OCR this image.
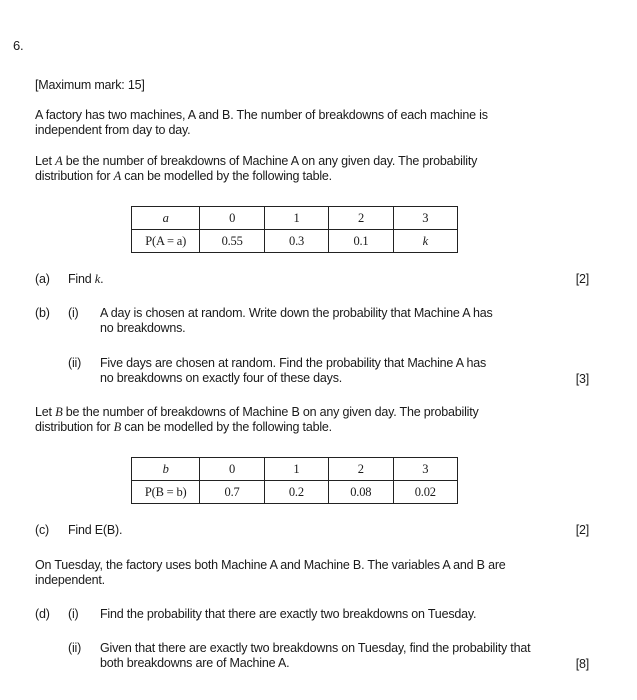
6.
[Maximum mark: 15]
A factory has two machines, A and B. The number of breakdowns of each machine is
independent from day to day.
Let A be the number of breakdowns of Machine A on any given day. The probability
distribution for A can be modelled by the following table.
a	0	1	2	3
P(A = a)	0.55	0.3	0.1	k
(a) Find k.	[2]
(b) (i) A day is chosen at random. Write down the probability that Machine A has
no breakdowns.
(ii) Five days are chosen at random. Find the probability that Machine A has
no breakdowns on exactly four of these days.	[3]
Let B be the number of breakdowns of Machine B on any given day. The probability
distribution for B can be modelled by the following table.
b	0	1	2	3
P(B = b)	0.7	0.2	0.08	0.02
(c) Find E(B).	[2]
On Tuesday, the factory uses both Machine A and Machine B. The variables A and B are
independent.
(d) (i) Find the probability that there are exactly two breakdowns on Tuesday.
(ii) Given that there are exactly two breakdowns on Tuesday, find the probability that
both breakdowns are of Machine A.	[8]
